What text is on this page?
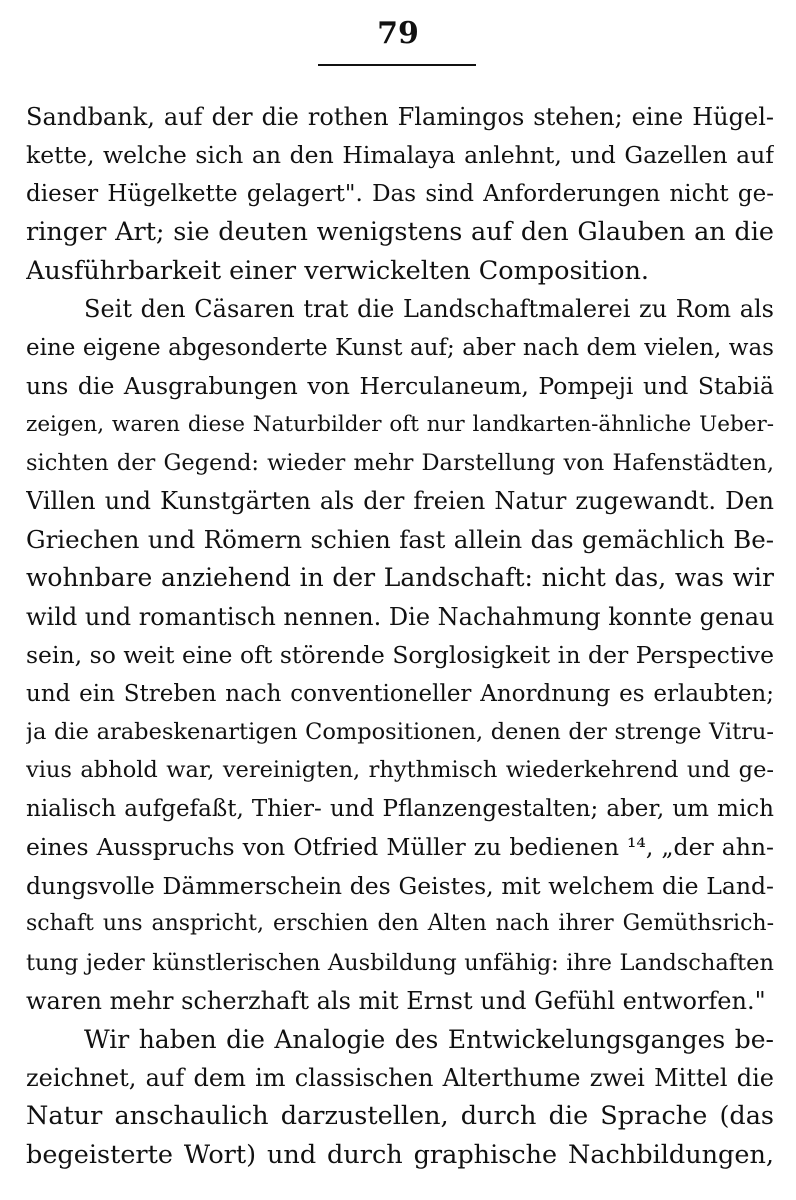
79
Sandbank, auf der die rothen Flamingos stehen; eine Hügel-
kette, welche sich an den Himalaya anlehnt, und Gazellen auf
dieser Hügelkette gelagert". Das sind Anforderungen nicht ge-
ringer Art; sie deuten wenigstens auf den Glauben an die
Ausführbarkeit einer verwickelten Composition.
Seit den Cäsaren trat die Landschaftmalerei zu Rom als
eine eigene abgesonderte Kunst auf; aber nach dem vielen, was
uns die Ausgrabungen von Herculaneum, Pompeji und Stabiä
zeigen, waren diese Naturbilder oft nur landkarten-ähnliche Ueber-
sichten der Gegend: wieder mehr Darstellung von Hafenstädten,
Villen und Kunstgärten als der freien Natur zugewandt. Den
Griechen und Römern schien fast allein das gemächlich Be-
wohnbare anziehend in der Landschaft: nicht das, was wir
wild und romantisch nennen. Die Nachahmung konnte genau
sein, so weit eine oft störende Sorglosigkeit in der Perspective
und ein Streben nach conventioneller Anordnung es erlaubten;
ja die arabeskenartigen Compositionen, denen der strenge Vitru-
vius abhold war, vereinigten, rhythmisch wiederkehrend und ge-
nialisch aufgefaßt, Thier- und Pflanzengestalten; aber, um mich
eines Ausspruchs von Otfried Müller zu bedienen ¹⁴, „der ahn-
dungsvolle Dämmerschein des Geistes, mit welchem die Land-
schaft uns anspricht, erschien den Alten nach ihrer Gemüthsrich-
tung jeder künstlerischen Ausbildung unfähig: ihre Landschaften
waren mehr scherzhaft als mit Ernst und Gefühl entworfen."
Wir haben die Analogie des Entwickelungsganges be-
zeichnet, auf dem im classischen Alterthume zwei Mittel die
Natur anschaulich darzustellen, durch die Sprache (das
begeisterte Wort) und durch graphische Nachbildungen,
